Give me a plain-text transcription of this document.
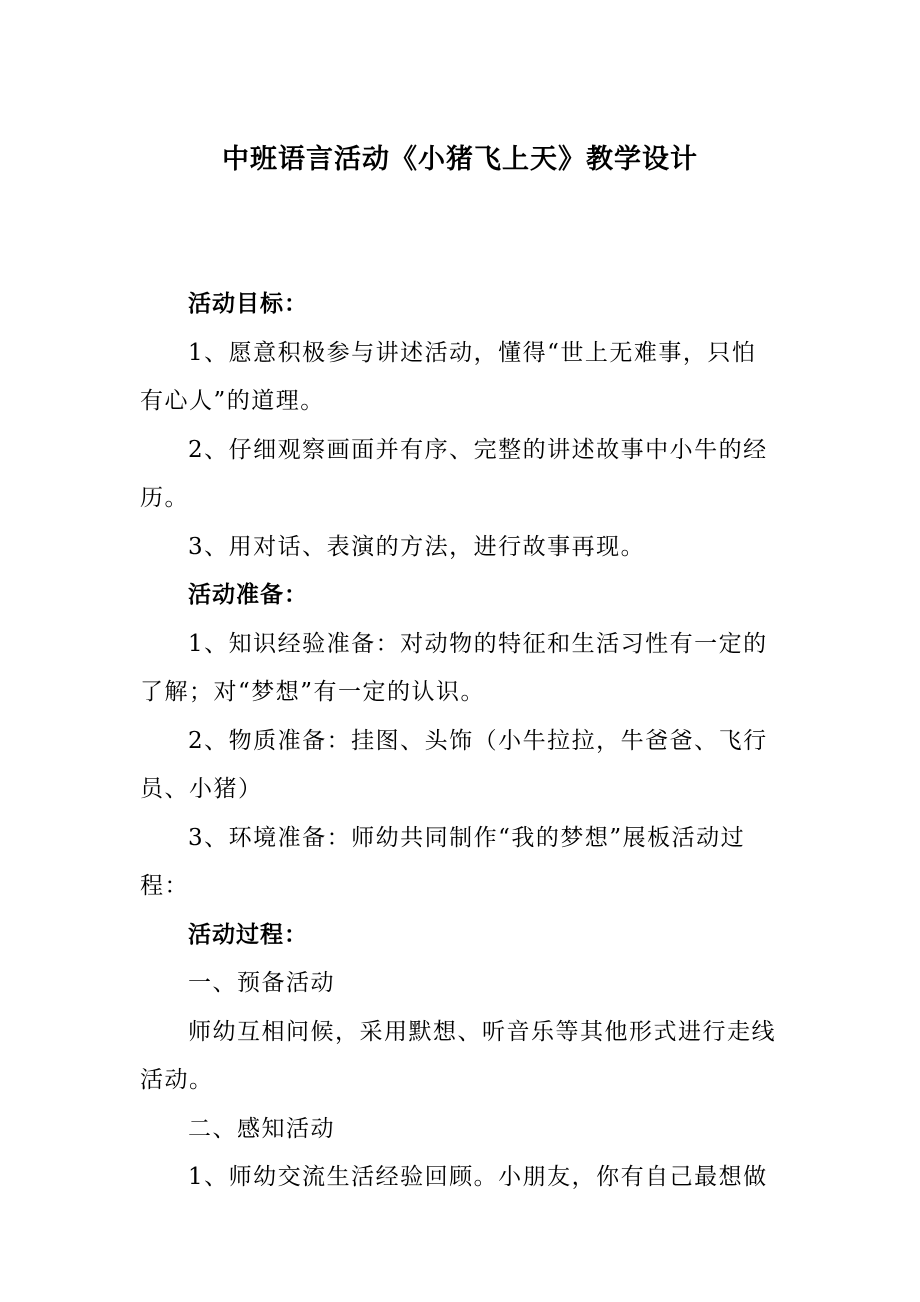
中班语言活动《小猪飞上天》教学设计
活动目标：
1、愿意积极参与讲述活动，懂得“世上无难事，只怕
有心人”的道理。
2、仔细观察画面并有序、完整的讲述故事中小牛的经
历。
3、用对话、表演的方法，进行故事再现。
活动准备：
1、知识经验准备：对动物的特征和生活习性有一定的
了解；对“梦想”有一定的认识。
2、物质准备：挂图、头饰（小牛拉拉，牛爸爸、飞行
员、小猪）
3、环境准备：师幼共同制作“我的梦想”展板活动过
程：
活动过程：
一、预备活动
师幼互相问候，采用默想、听音乐等其他形式进行走线
活动。
二、感知活动
1、师幼交流生活经验回顾。小朋友，你有自己最想做
